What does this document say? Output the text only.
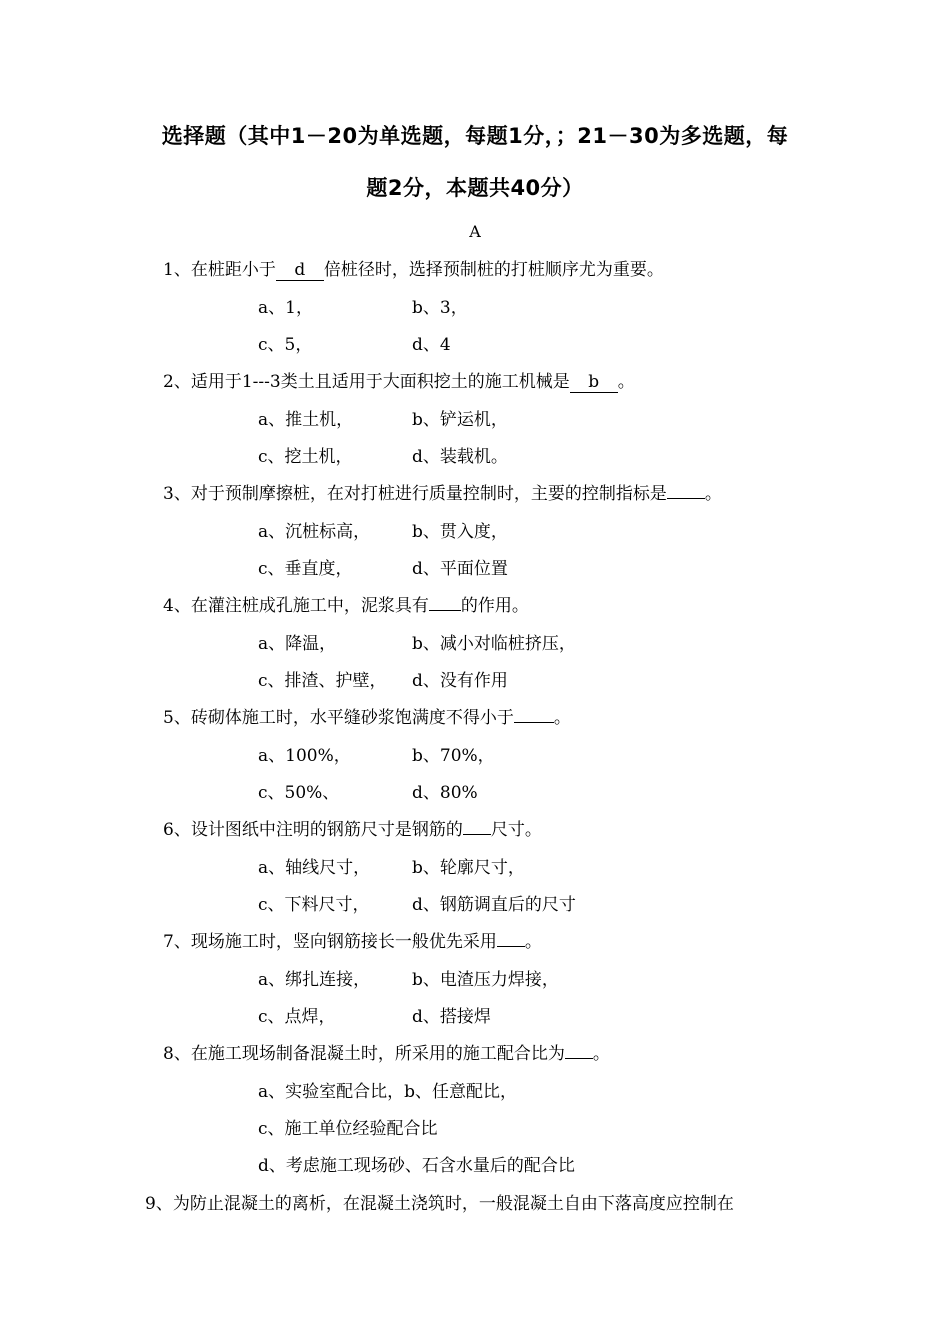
选择题（其中1－20为单选题，每题1分，；21－30为多选题，每
题2分，本题共40分）
A
1、在桩距小于 d 倍桩径时，选择预制桩的打桩顺序尤为重要。
a、1，	b、3，
c、5，	d、4
2、适用于1---3类土且适用于大面积挖土的施工机械是 b 。
a、推土机，	b、铲运机，
c、挖土机，	d、装载机。
3、对于预制摩擦桩，在对打桩进行质量控制时，主要的控制指标是 。
a、沉桩标高， b、贯入度，
c、垂直度，	d、平面位置
4、在灌注桩成孔施工中，泥浆具有 的作用。
a、降温，	b、减小对临桩挤压，
c、排渣、护壁， d、没有作用
5、砖砌体施工时，水平缝砂浆饱满度不得小于 。
a、100%，	b、70%，
c、50%、	d、80%
6、设计图纸中注明的钢筋尺寸是钢筋的 尺寸。
a、轴线尺寸， b、轮廓尺寸，
c、下料尺寸， d、钢筋调直后的尺寸
7、现场施工时，竖向钢筋接长一般优先采用 。
a、绑扎连接， b、电渣压力焊接，
c、点焊，	d、搭接焊
8、在施工现场制备混凝土时，所采用的施工配合比为 。
a、实验室配合比，b、任意配比，
c、施工单位经验配合比
d、考虑施工现场砂、石含水量后的配合比
9、为防止混凝土的离析，在混凝土浇筑时，一般混凝土自由下落高度应控制在
